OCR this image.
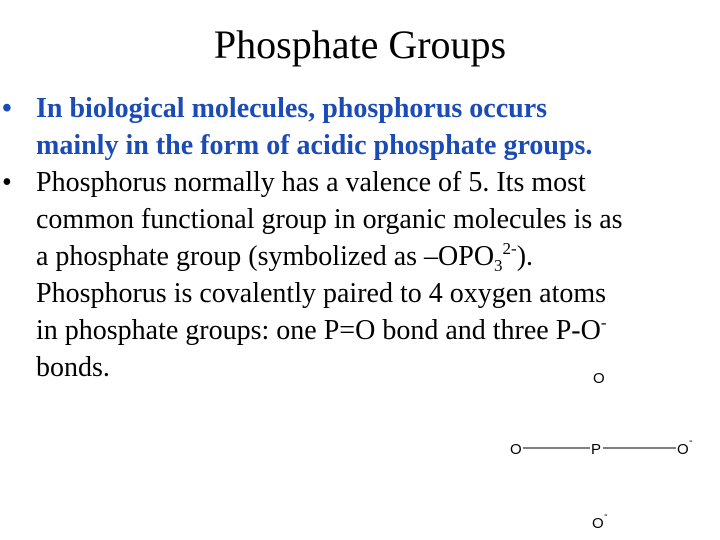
Phosphate Groups
• In biological molecules, phosphorus occurs
mainly in the form of acidic phosphate groups.
• Phosphorus normally has a valence of 5. Its most
common functional group in organic molecules is as
a phosphate group (symbolized as $-OPO_3^{2-}$).
Phosphorus is covalently paired to 4 oxygen atoms
in phosphate groups: one P=O bond and three P-O-
bonds.	O
O	P	O -
O -
